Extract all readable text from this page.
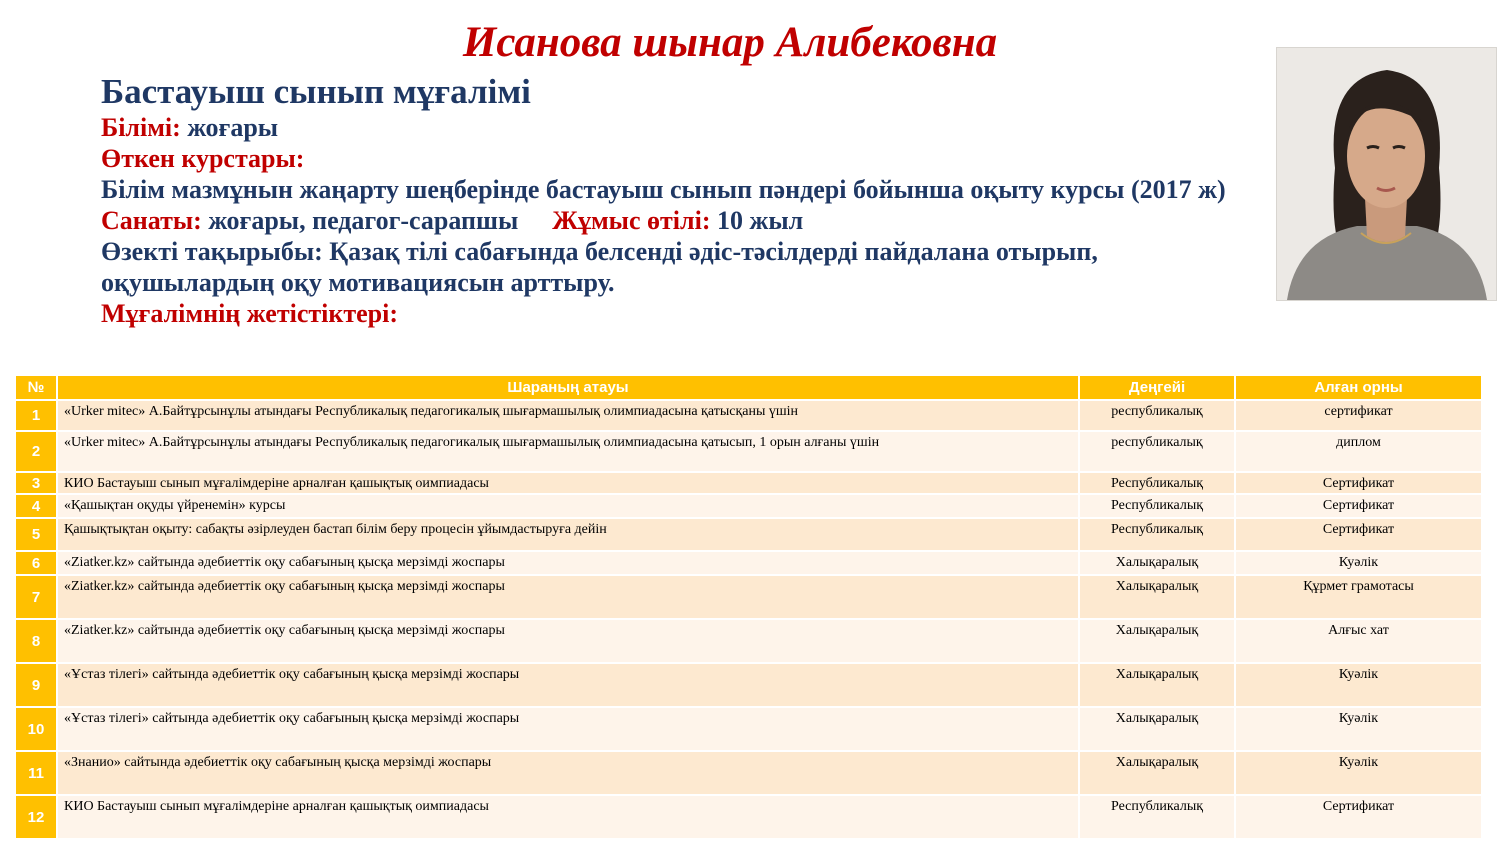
Исанова шынар Алибековна
Бастауыш сынып мұғалімі
Білімі: жоғары
Өткен курстары:
Білім мазмұнын жаңарту шеңберінде бастауыш сынып пәндері бойынша оқыту курсы (2017 ж)
Санаты: жоғары, педагог-сарапшы Жұмыс өтілі: 10 жыл
Өзекті тақырыбы: Қазақ тілі сабағында белсенді әдіс-тәсілдерді пайдалана отырып, оқушылардың оқу мотивациясын арттыру.
Мұғалімнің жетістіктері:
№	Шараның атауы	Деңгейі	Алған орны
1	«Urker mitec» А.Байтұрсынұлы атындағы Республикалық педагогикалық шығармашылық олимпиадасына қатысқаны үшін	республикалық	сертификат
2	«Urker mitec» А.Байтұрсынұлы атындағы Республикалық педагогикалық шығармашылық олимпиадасына қатысып, 1 орын алғаны үшін	республикалық	диплом
3	КИО Бастауыш сынып мұғалімдеріне арналған қашықтық оимпиадасы	Республикалық	Сертификат
4	«Қашықтан оқуды үйренемін» курсы	Республикалық	Сертификат
5	Қашықтықтан оқыту: сабақты әзірлеуден бастап білім беру процесін ұйымдастыруға дейін	Республикалық	Сертификат
6	«Ziatker.kz» сайтында әдебиеттік оқу сабағының қысқа мерзімді жоспары	Халықаралық	Куәлік
7	«Ziatker.kz» сайтында әдебиеттік оқу сабағының қысқа мерзімді жоспары	Халықаралық	Құрмет грамотасы
8	«Ziatker.kz» сайтында әдебиеттік оқу сабағының қысқа мерзімді жоспары	Халықаралық	Алғыс хат
9	«Ұстаз тілегі» сайтында әдебиеттік оқу сабағының қысқа мерзімді жоспары	Халықаралық	Куәлік
10	«Ұстаз тілегі» сайтында әдебиеттік оқу сабағының қысқа мерзімді жоспары	Халықаралық	Куәлік
11	«Знанио» сайтында әдебиеттік оқу сабағының қысқа мерзімді жоспары	Халықаралық	Куәлік
12	КИО Бастауыш сынып мұғалімдеріне арналған қашықтық оимпиадасы	Республикалық	Сертификат
